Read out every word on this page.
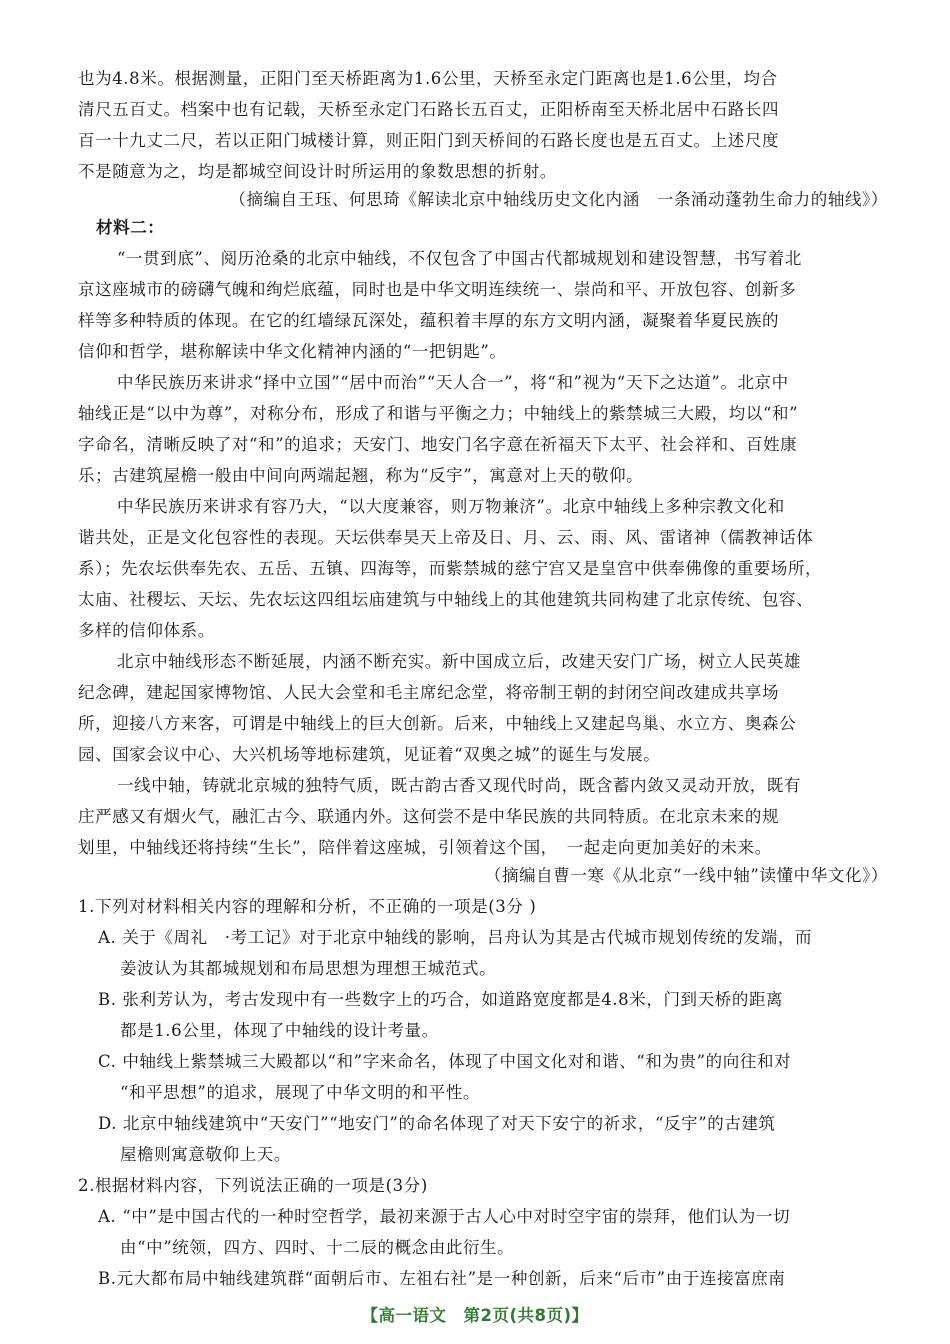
也为4.8米。根据测量，正阳门至天桥距离为1.6公里，天桥至永定门距离也是1.6公里，均合
清尺五百丈。档案中也有记载，天桥至永定门石路长五百丈，正阳桥南至天桥北居中石路长四
百一十九丈二尺，若以正阳门城楼计算，则正阳门到天桥间的石路长度也是五百丈。上述尺度
不是随意为之，均是都城空间设计时所运用的象数思想的折射。
（摘编自王珏、何思琦《解读北京中轴线历史文化内涵　一条涌动蓬勃生命力的轴线》）
材料二：
“一贯到底”、阅历沧桑的北京中轴线，不仅包含了中国古代都城规划和建设智慧，书写着北
京这座城市的磅礴气魄和绚烂底蕴，同时也是中华文明连续统一、崇尚和平、开放包容、创新多
样等多种特质的体现。在它的红墙绿瓦深处，蕴积着丰厚的东方文明内涵，凝聚着华夏民族的
信仰和哲学，堪称解读中华文化精神内涵的“一把钥匙”。
中华民族历来讲求“择中立国”“居中而治”“天人合一”，将“和”视为“天下之达道”。北京中
轴线正是“以中为尊”，对称分布，形成了和谐与平衡之力；中轴线上的紫禁城三大殿，均以“和”
字命名，清晰反映了对“和”的追求；天安门、地安门名字意在祈福天下太平、社会祥和、百姓康
乐；古建筑屋檐一般由中间向两端起翘，称为“反宇”，寓意对上天的敬仰。
中华民族历来讲求有容乃大，“以大度兼容，则万物兼济”。北京中轴线上多种宗教文化和
谐共处，正是文化包容性的表现。天坛供奉昊天上帝及日、月、云、雨、风、雷诸神（儒教神话体
系）；先农坛供奉先农、五岳、五镇、四海等，而紫禁城的慈宁宫又是皇宫中供奉佛像的重要场所，
太庙、社稷坛、天坛、先农坛这四组坛庙建筑与中轴线上的其他建筑共同构建了北京传统、包容、
多样的信仰体系。
北京中轴线形态不断延展，内涵不断充实。新中国成立后，改建天安门广场，树立人民英雄
纪念碑，建起国家博物馆、人民大会堂和毛主席纪念堂，将帝制王朝的封闭空间改建成共享场
所，迎接八方来客，可谓是中轴线上的巨大创新。后来，中轴线上又建起鸟巢、水立方、奥森公
园、国家会议中心、大兴机场等地标建筑，见证着“双奥之城”的诞生与发展。
一线中轴，铸就北京城的独特气质，既古韵古香又现代时尚，既含蓄内敛又灵动开放，既有
庄严感又有烟火气，融汇古今、联通内外。这何尝不是中华民族的共同特质。在北京未来的规
划里，中轴线还将持续“生长”，陪伴着这座城，引领着这个国，　一起走向更加美好的未来。
（摘编自曹一寒《从北京“一线中轴”读懂中华文化》）
1.下列对材料相关内容的理解和分析，不正确的一项是(3分 )
A. 关于《周礼　·考工记》对于北京中轴线的影响，吕舟认为其是古代城市规划传统的发端，而
姜波认为其都城规划和布局思想为理想王城范式。
B. 张利芳认为，考古发现中有一些数字上的巧合，如道路宽度都是4.8米，门到天桥的距离
都是1.6公里，体现了中轴线的设计考量。
C. 中轴线上紫禁城三大殿都以“和”字来命名，体现了中国文化对和谐、“和为贵”的向往和对
“和平思想”的追求，展现了中华文明的和平性。
D. 北京中轴线建筑中“天安门”“地安门”的命名体现了对天下安宁的祈求，“反宇”的古建筑
屋檐则寓意敬仰上天。
2.根据材料内容，下列说法正确的一项是(3分)
A. “中”是中国古代的一种时空哲学，最初来源于古人心中对时空宇宙的崇拜，他们认为一切
由“中”统领，四方、四时、十二辰的概念由此衍生。
B.元大都布局中轴线建筑群“面朝后市、左祖右社”是一种创新，后来“后市”由于连接富庶南
【高一语文　第2页(共8页)】
